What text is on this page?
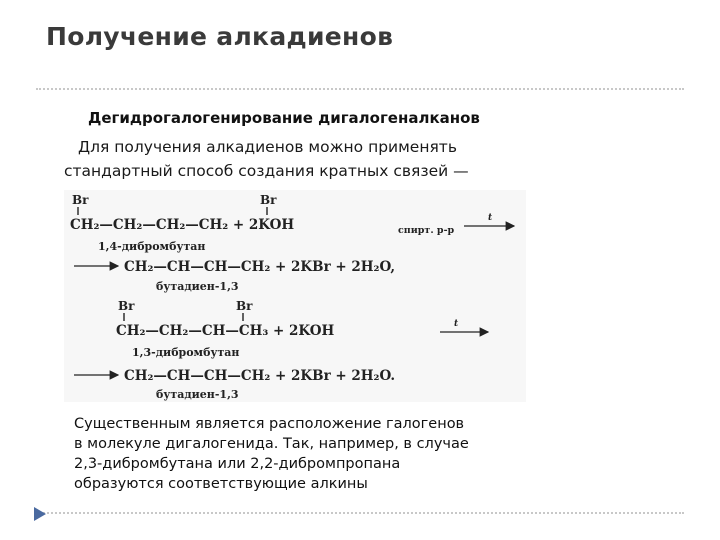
Получение алкадиенов
Дегидрогалогенирование дигалогеналканов
Для получения алкадиенов можно применять
стандартный способ создания кратных связей —
Br	Br
CH₂—CH₂—CH₂—CH₂ + 2KOH	спирт. р-р
t
1,4-дибромбутан
CH₂—CH—CH—CH₂ + 2KBr + 2H₂O,
бутадиен-1,3
Br	Br
CH₂—CH₂—CH—CH₃ + 2KOH	t
1,3-дибромбутан
CH₂—CH—CH—CH₂ + 2KBr + 2H₂O.
бутадиен-1,3
Существенным является расположение галогенов
в молекуле дигалогенида. Так, например, в случае
2,3-дибромбутана или 2,2-дибромпропана
образуются соответствующие алкины
